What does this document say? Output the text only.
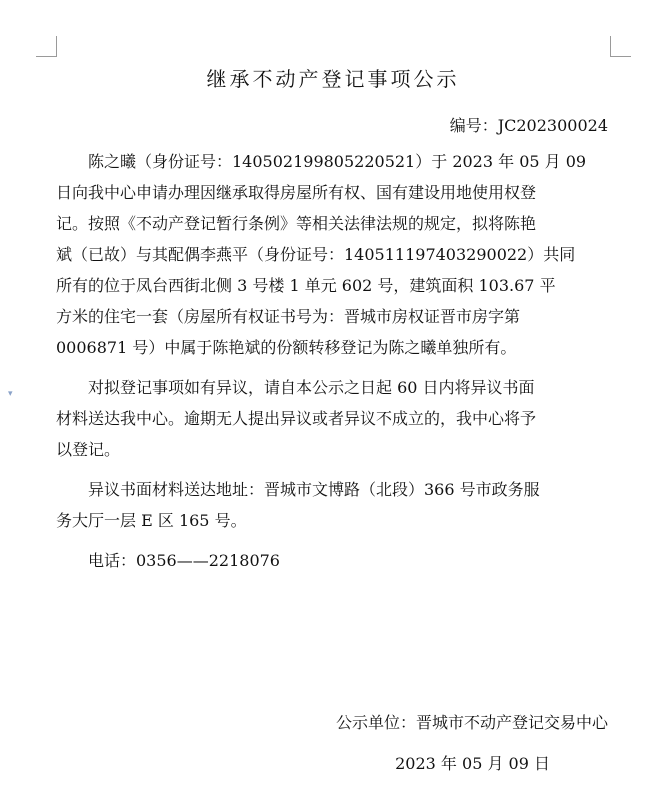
▾
继承不动产登记事项公示
编号：JC202300024
陈之曦（身份证号：140502199805220521）于 2023 年 05 月 09
日向我中心申请办理因继承取得房屋所有权、国有建设用地使用权登
记。按照《不动产登记暂行条例》等相关法律法规的规定，拟将陈艳
斌（已故）与其配偶李燕平（身份证号：140511197403290022）共同
所有的位于凤台西街北侧 3 号楼 1 单元 602 号，建筑面积 103.67 平
方米的住宅一套（房屋所有权证书号为：晋城市房权证晋市房字第
0006871 号）中属于陈艳斌的份额转移登记为陈之曦单独所有。
对拟登记事项如有异议，请自本公示之日起 60 日内将异议书面
材料送达我中心。逾期无人提出异议或者异议不成立的，我中心将予
以登记。
异议书面材料送达地址：晋城市文博路（北段）366 号市政务服
务大厅一层 E 区 165 号。

电话：0356——2218076

公示单位：晋城市不动产登记交易中心
2023 年 05 月 09 日
